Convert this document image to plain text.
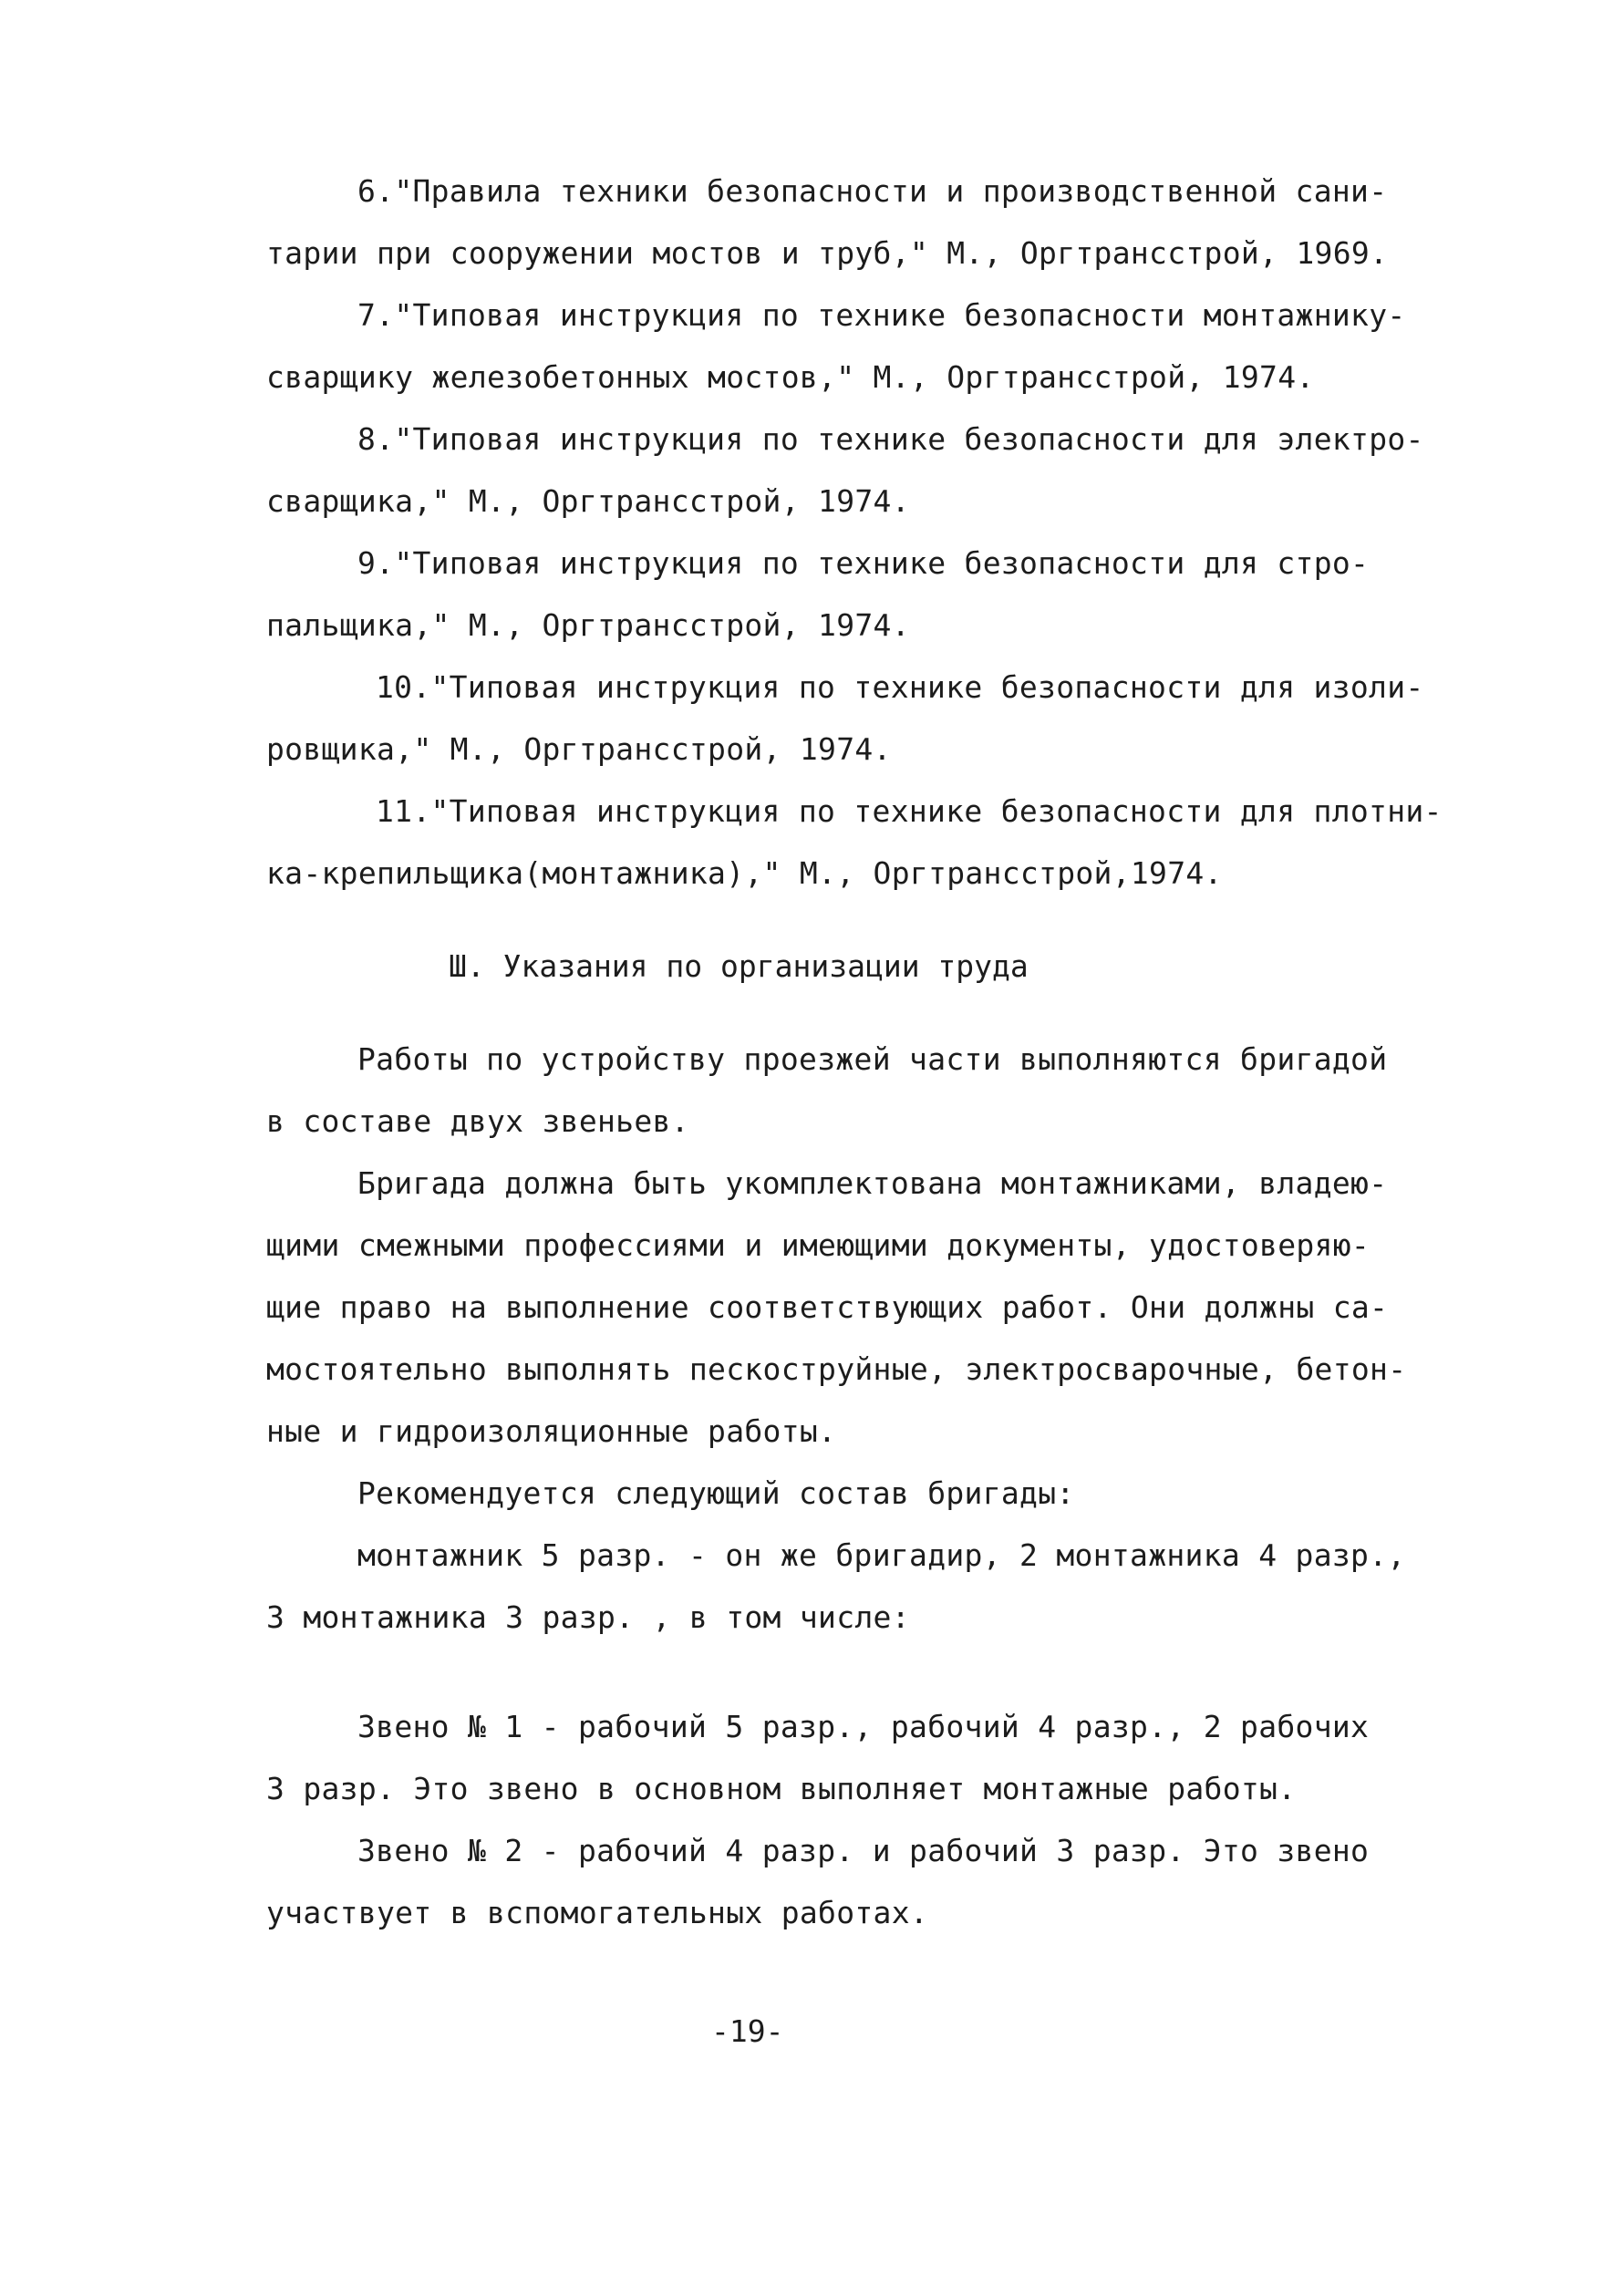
6."Правила техники безопасности и производственной сани-
тарии при сооружении мостов и труб," М., Оргтрансстрой, 1969.
7."Типовая инструкция по технике безопасности монтажнику-
сварщику железобетонных мостов," М., Оргтрансстрой, 1974.
8."Типовая инструкция по технике безопасности для электро-
сварщика," М., Оргтрансстрой, 1974.
9."Типовая инструкция по технике безопасности для стро-
пальщика," М., Оргтрансстрой, 1974.
10."Типовая инструкция по технике безопасности для изоли-
ровщика," М., Оргтрансстрой, 1974.
11."Типовая инструкция по технике безопасности для плотни-
ка-крепильщика(монтажника)," М., Оргтрансстрой,1974.
Ш. Указания по организации труда
Работы по устройству проезжей части выполняются бригадой
в составе двух звеньев.
Бригада должна быть укомплектована монтажниками, владею-
щими смежными профессиями и имеющими документы, удостоверяю-
щие право на выполнение соответствующих работ. Они должны са-
мостоятельно выполнять пескоструйные, электросварочные, бетон-
ные и гидроизоляционные работы.
Рекомендуется следующий состав бригады:
монтажник 5 разр. - он же бригадир, 2 монтажника 4 разр.,
3 монтажника 3 разр. , в том числе:
Звено № 1 - рабочий 5 разр., рабочий 4 разр., 2 рабочих
3 разр. Это звено в основном выполняет монтажные работы.
Звено № 2 - рабочий 4 разр. и рабочий 3 разр. Это звено
участвует в вспомогательных работах.
-19-
